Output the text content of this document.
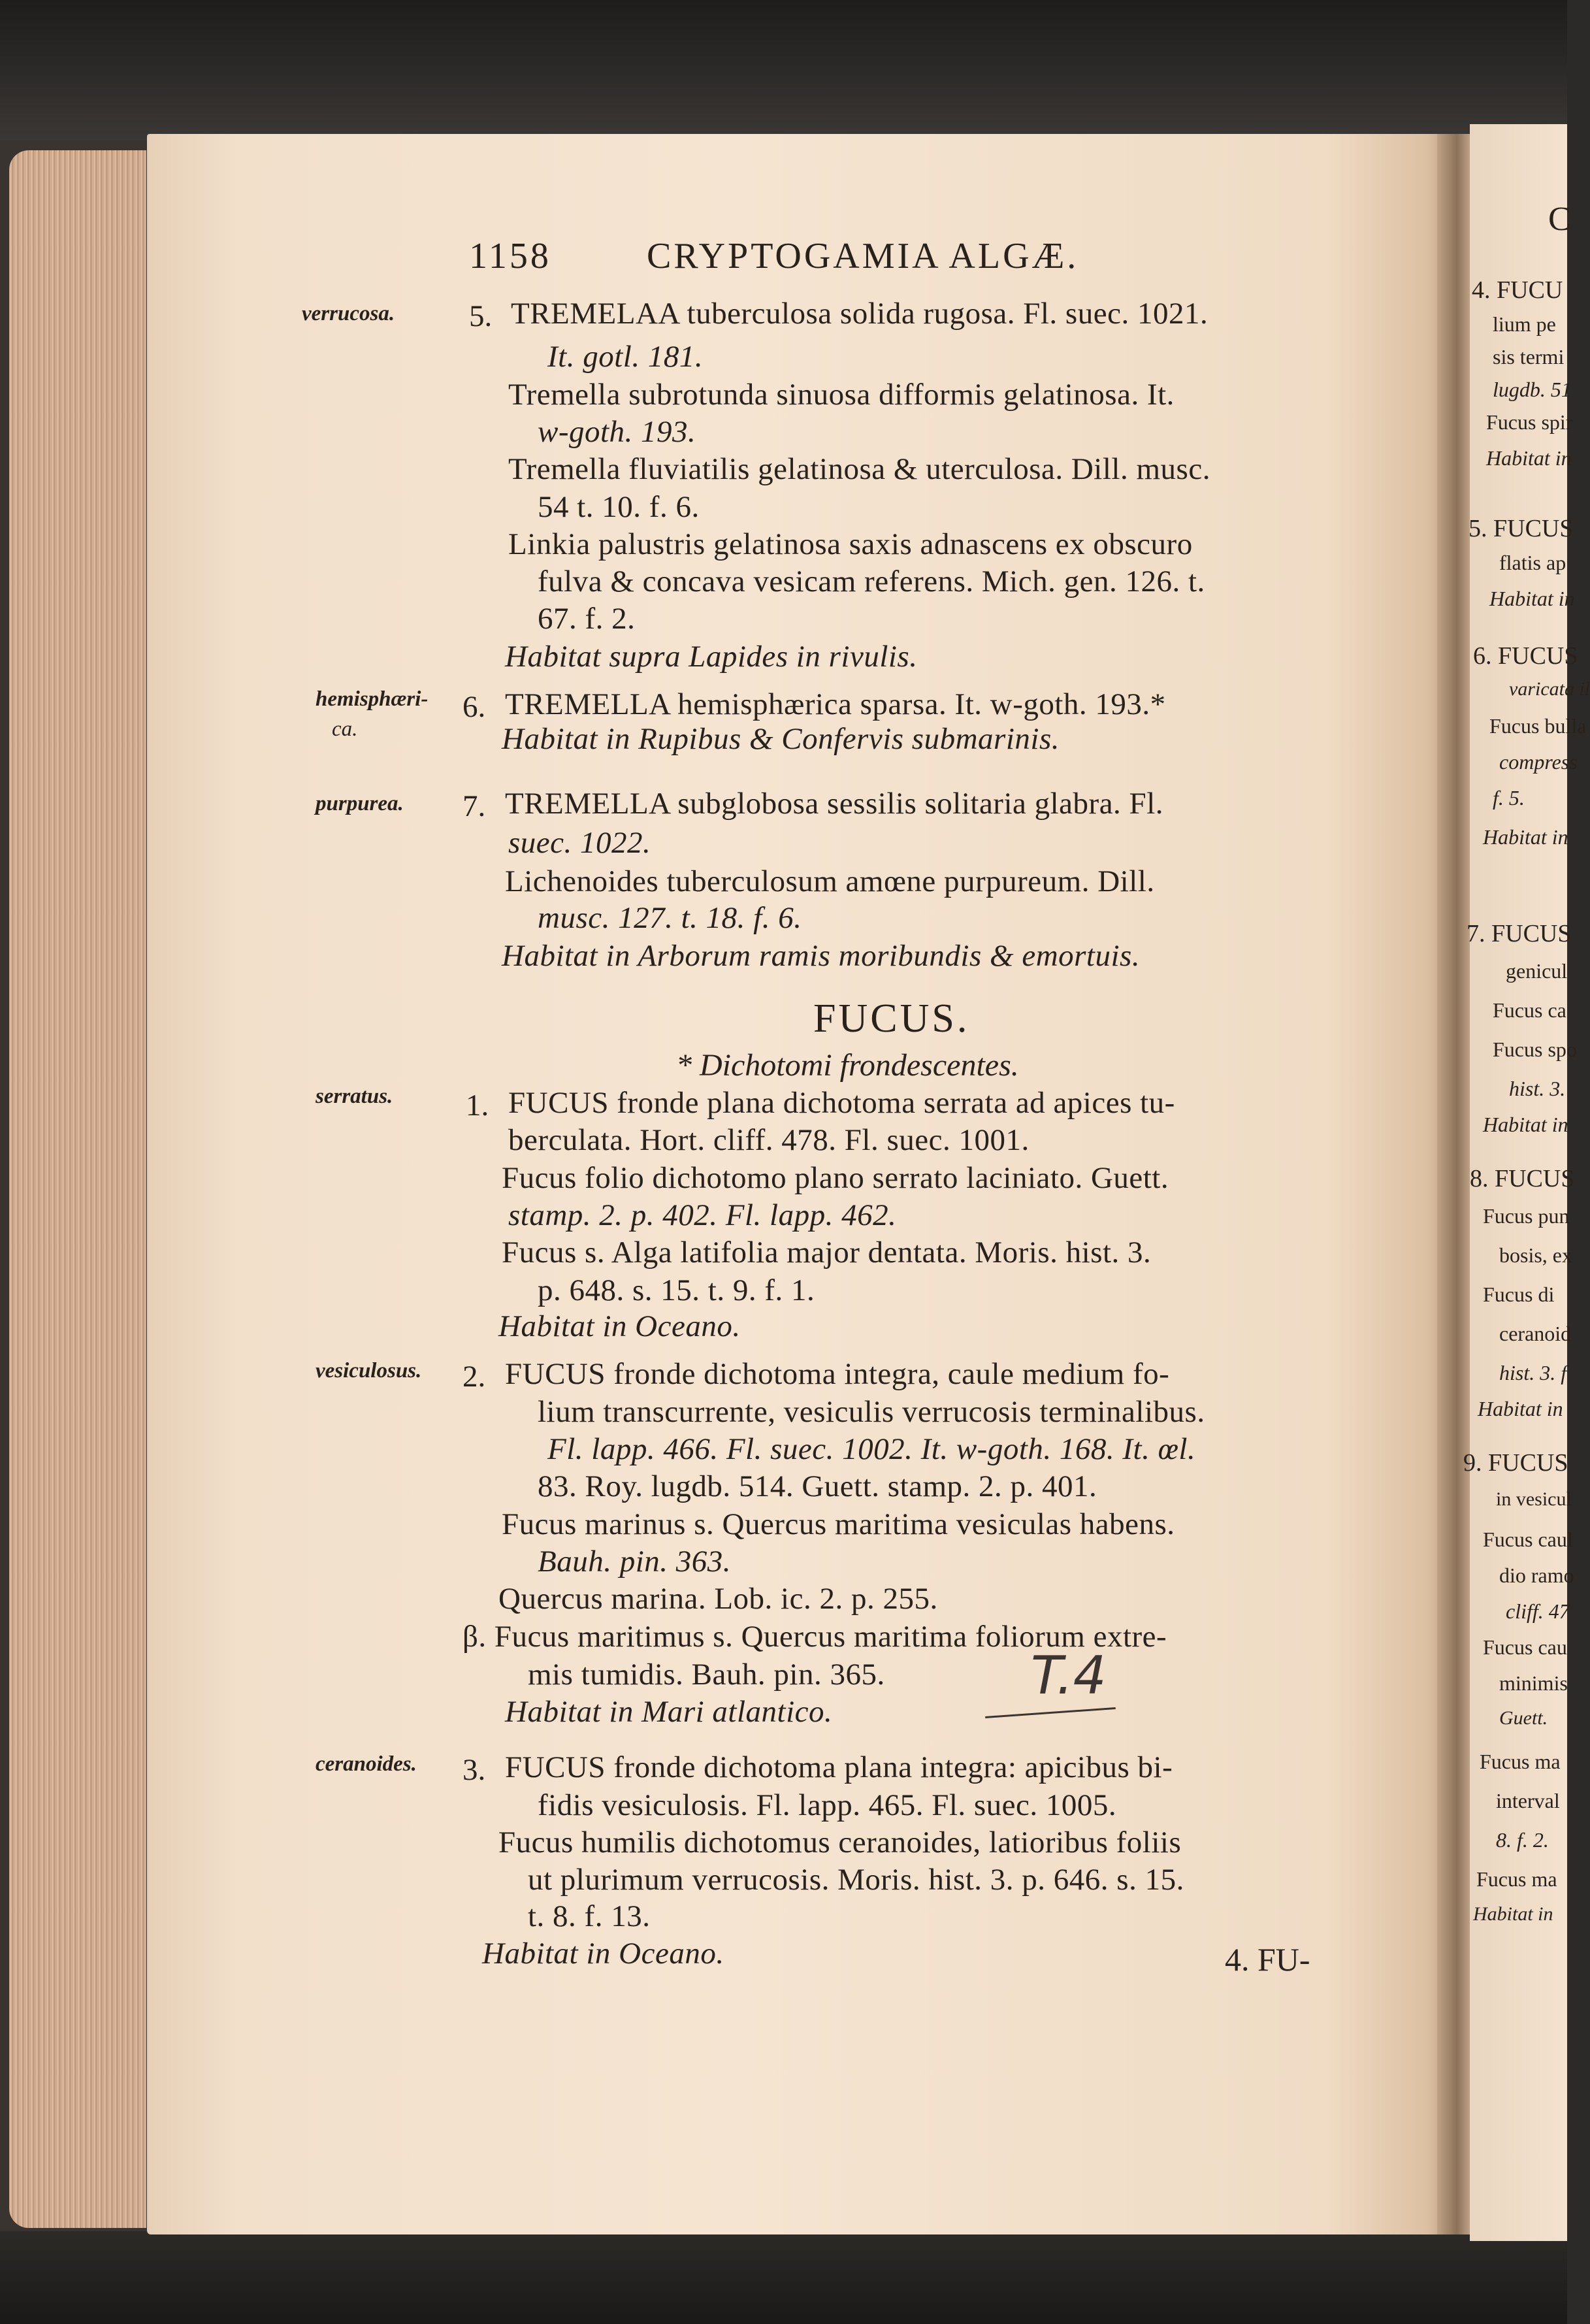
1158	CRYPTOGAMIA ALGÆ.
verrucosa. 5. TREMELAA tuberculosa solida rugosa. Fl. suec. 1021.
It. gotl. 181.
Tremella subrotunda sinuosa difformis gelatinosa. It.
w-goth. 193.
Tremella fluviatilis gelatinosa & uterculosa. Dill. musc.
54 t. 10. f. 6.
Linkia palustris gelatinosa saxis adnascens ex obscuro
fulva & concava vesicam referens. Mich. gen. 126. t.
67. f. 2.
Habitat supra Lapides in rivulis.
hemisphæri-
ca.
6. TREMELLA hemisphærica sparsa. It. w-goth. 193.*
Habitat in Rupibus & Confervis submarinis.
purpurea. 7. TREMELLA subglobosa sessilis solitaria glabra. Fl.
suec. 1022.
Lichenoides tuberculosum amœne purpureum. Dill.
musc. 127. t. 18. f. 6.
Habitat in Arborum ramis moribundis & emortuis.
FUCUS.
* Dichotomi frondescentes.
serratus. 1. FUCUS fronde plana dichotoma serrata ad apices tu-
berculata. Hort. cliff. 478. Fl. suec. 1001.
Fucus folio dichotomo plano serrato laciniato. Guett.
stamp. 2. p. 402. Fl. lapp. 462.
Fucus s. Alga latifolia major dentata. Moris. hist. 3.
p. 648. s. 15. t. 9. f. 1.
Habitat in Oceano.
vesiculosus. 2. FUCUS fronde dichotoma integra, caule medium fo-
lium transcurrente, vesiculis verrucosis terminalibus.
Fl. lapp. 466. Fl. suec. 1002. It. w-goth. 168. It. œl.
83. Roy. lugdb. 514. Guett. stamp. 2. p. 401.
Fucus marinus s. Quercus maritima vesiculas habens.
Bauh. pin. 363.
Quercus marina. Lob. ic. 2. p. 255.
β. Fucus maritimus s. Quercus maritima foliorum extre-
mis tumidis. Bauh. pin. 365.
Habitat in Mari atlantico.
T.4
ceranoides. 3. FUCUS fronde dichotoma plana integra: apicibus bi-
fidis vesiculosis. Fl. lapp. 465. Fl. suec. 1005.
Fucus humilis dichotomus ceranoides, latioribus foliis
ut plurimum verrucosis. Moris. hist. 3. p. 646. s. 15.
t. 8. f. 13.
Habitat in Oceano.	4. FU-
C
4. FUCU
lium pe
sis termi
lugdb. 51
Fucus spir
Habitat in
5. FUCUS
flatis ap
Habitat in
6. FUCUS
varicata il
Fucus bulla
compress
f. 5.
Habitat in
7. FUCUS
genicul
Fucus ca
Fucus spo
hist. 3.
Habitat in
8. FUCUS
Fucus pun
bosis, ex
Fucus di
ceranoid
hist. 3. f
Habitat in
9. FUCUS
in vesicul
Fucus caul
dio ramo
cliff. 47
Fucus cau
minimis
Guett.
Fucus ma
interval
8. f. 2.
Fucus ma
Habitat in
